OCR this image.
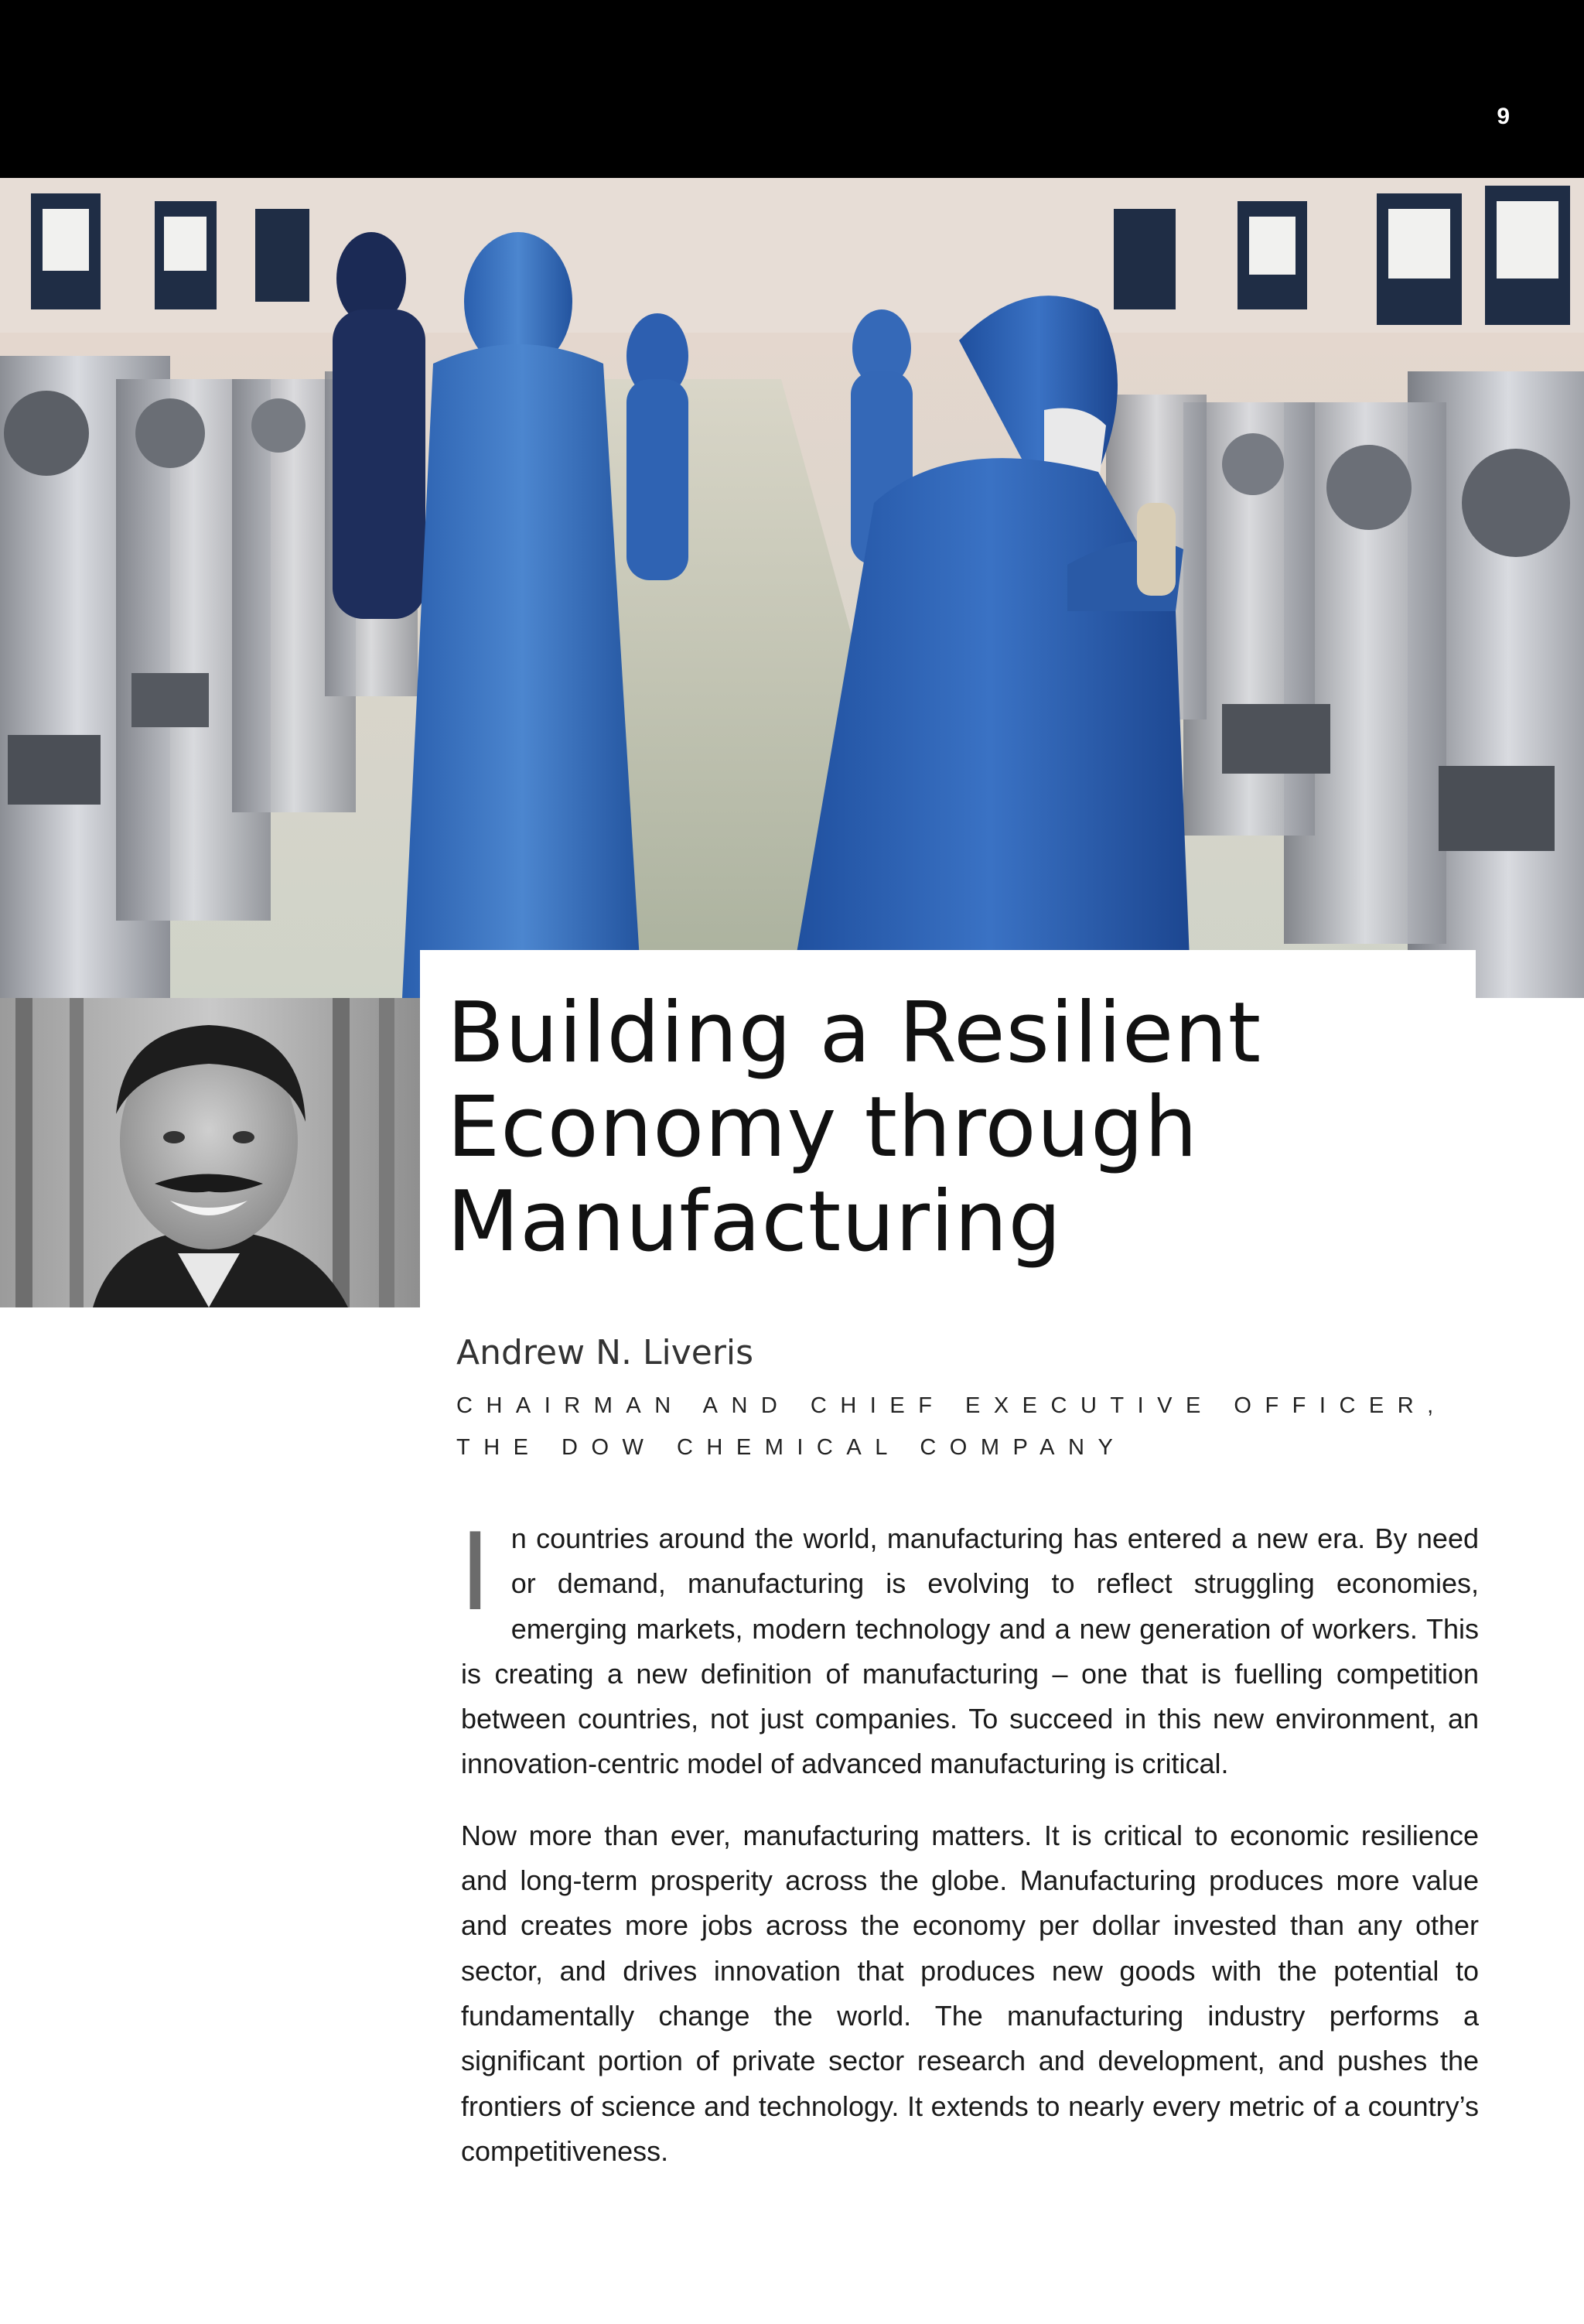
9
Building a Resilient Economy through Manufacturing
Andrew N. Liveris
CHAIRMAN AND CHIEF EXECUTIVE OFFICER,
THE DOW CHEMICAL COMPANY

In countries around the world, manufacturing has entered a new era. By need or demand, manufacturing is evolving to reflect struggling economies, emerging markets, modern technology and a new generation of workers. This is creating a new definition of manufacturing – one that is fuelling competition between countries, not just companies. To succeed in this new environment, an innovation-centric model of advanced manufacturing is critical.

Now more than ever, manufacturing matters. It is critical to economic resilience and long-term prosperity across the globe. Manufacturing produces more value and creates more jobs across the economy per dollar invested than any other sector, and drives innovation that produces new goods with the potential to fundamentally change the world. The manufacturing industry performs a significant portion of private sector research and development, and pushes the frontiers of science and technology. It extends to nearly every metric of a country’s competitiveness.
